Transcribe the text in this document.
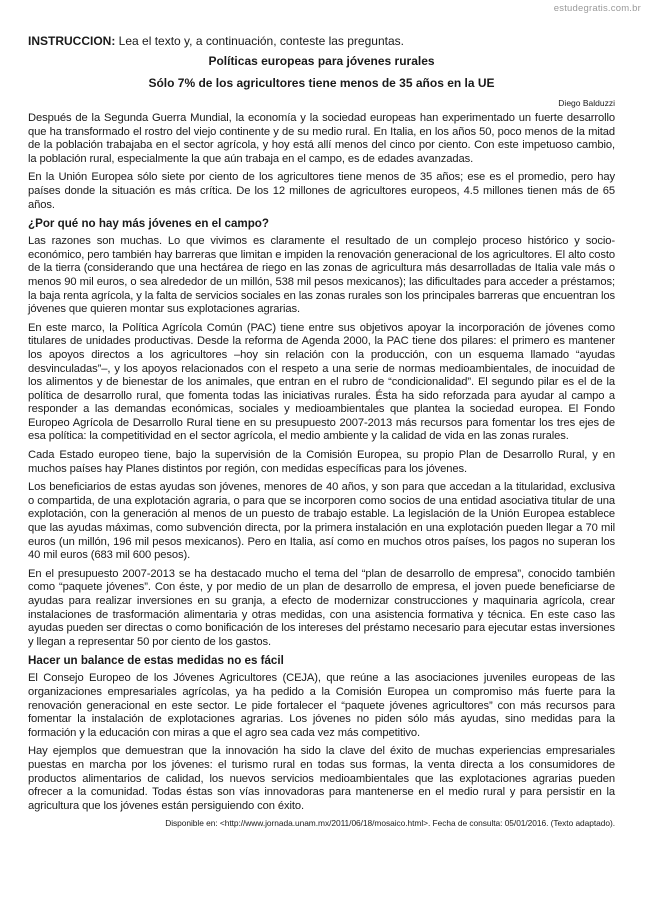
estudegratis.com.br
INSTRUCCION: Lea el texto y, a continuación, conteste las preguntas.
Políticas europeas para jóvenes rurales
Sólo 7% de los agricultores tiene menos de 35 años en la UE
Diego Balduzzi

Después de la Segunda Guerra Mundial, la economía y la sociedad europeas han experimentado un fuerte desarrollo que ha transformado el rostro del viejo continente y de su medio rural. En Italia, en los años 50, poco menos de la mitad de la población trabajaba en el sector agrícola, y hoy está allí menos del cinco por ciento. Con este impetuoso cambio, la población rural, especialmente la que aún trabaja en el campo, es de edades avanzadas.

En la Unión Europea sólo siete por ciento de los agricultores tiene menos de 35 años; ese es el promedio, pero hay países donde la situación es más crítica. De los 12 millones de agricultores europeos, 4.5 millones tienen más de 65 años.

¿Por qué no hay más jóvenes en el campo?

Las razones son muchas. Lo que vivimos es claramente el resultado de un complejo proceso histórico y socio-económico, pero también hay barreras que limitan e impiden la renovación generacional de los agricultores. El alto costo de la tierra (considerando que una hectárea de riego en las zonas de agricultura más desarrolladas de Italia vale más o menos 90 mil euros, o sea alrededor de un millón, 538 mil pesos mexicanos); las dificultades para acceder a préstamos; la baja renta agrícola, y la falta de servicios sociales en las zonas rurales son los principales barreras que encuentran los jóvenes que quieren montar sus explotaciones agrarias.

En este marco, la Política Agrícola Común (PAC) tiene entre sus objetivos apoyar la incorporación de jóvenes como titulares de unidades productivas. Desde la reforma de Agenda 2000, la PAC tiene dos pilares: el primero es mantener los apoyos directos a los agricultores –hoy sin relación con la producción, con un esquema llamado “ayudas desvinculadas”–, y los apoyos relacionados con el respeto a una serie de normas medioambientales, de inocuidad de los alimentos y de bienestar de los animales, que entran en el rubro de “condicionalidad”. El segundo pilar es el de la política de desarrollo rural, que fomenta todas las iniciativas rurales. Ésta ha sido reforzada para ayudar al campo a responder a las demandas económicas, sociales y medioambientales que plantea la sociedad europea. El Fondo Europeo Agrícola de Desarrollo Rural tiene en su presupuesto 2007-2013 más recursos para fomentar los tres ejes de esa política: la competitividad en el sector agrícola, el medio ambiente y la calidad de vida en las zonas rurales.

Cada Estado europeo tiene, bajo la supervisión de la Comisión Europea, su propio Plan de Desarrollo Rural, y en muchos países hay Planes distintos por región, con medidas específicas para los jóvenes.

Los beneficiarios de estas ayudas son jóvenes, menores de 40 años, y son para que accedan a la titularidad, exclusiva o compartida, de una explotación agraria, o para que se incorporen como socios de una entidad asociativa titular de una explotación, con la generación al menos de un puesto de trabajo estable. La legislación de la Unión Europea establece que las ayudas máximas, como subvención directa, por la primera instalación en una explotación pueden llegar a 70 mil euros (un millón, 196 mil pesos mexicanos). Pero en Italia, así como en muchos otros países, los pagos no superan los 40 mil euros (683 mil 600 pesos).

En el presupuesto 2007-2013 se ha destacado mucho el tema del “plan de desarrollo de empresa”, conocido también como “paquete jóvenes”. Con éste, y por medio de un plan de desarrollo de empresa, el joven puede beneficiarse de ayudas para realizar inversiones en su granja, a efecto de modernizar construcciones y maquinaria agrícola, crear instalaciones de trasformación alimentaria y otras medidas, con una asistencia formativa y técnica. En este caso las ayudas pueden ser directas o como bonificación de los intereses del préstamo necesario para ejecutar estas inversiones y llegan a representar 50 por ciento de los gastos.

Hacer un balance de estas medidas no es fácil

El Consejo Europeo de los Jóvenes Agricultores (CEJA), que reúne a las asociaciones juveniles europeas de las organizaciones empresariales agrícolas, ya ha pedido a la Comisión Europea un compromiso más fuerte para la renovación generacional en este sector. Le pide fortalecer el “paquete jóvenes agricultores” con más recursos para fomentar la instalación de explotaciones agrarias. Los jóvenes no piden sólo más ayudas, sino medidas para la formación y la educación con miras a que el agro sea cada vez más competitivo.

Hay ejemplos que demuestran que la innovación ha sido la clave del éxito de muchas experiencias empresariales puestas en marcha por los jóvenes: el turismo rural en todas sus formas, la venta directa a los consumidores de productos alimentarios de calidad, los nuevos servicios medioambientales que las explotaciones agrarias pueden ofrecer a la comunidad. Todas éstas son vías innovadoras para mantenerse en el medio rural y para persistir en la agricultura que los jóvenes están persiguiendo con éxito.

Disponible en: <http://www.jornada.unam.mx/2011/06/18/mosaico.html>. Fecha de consulta: 05/01/2016. (Texto adaptado).
